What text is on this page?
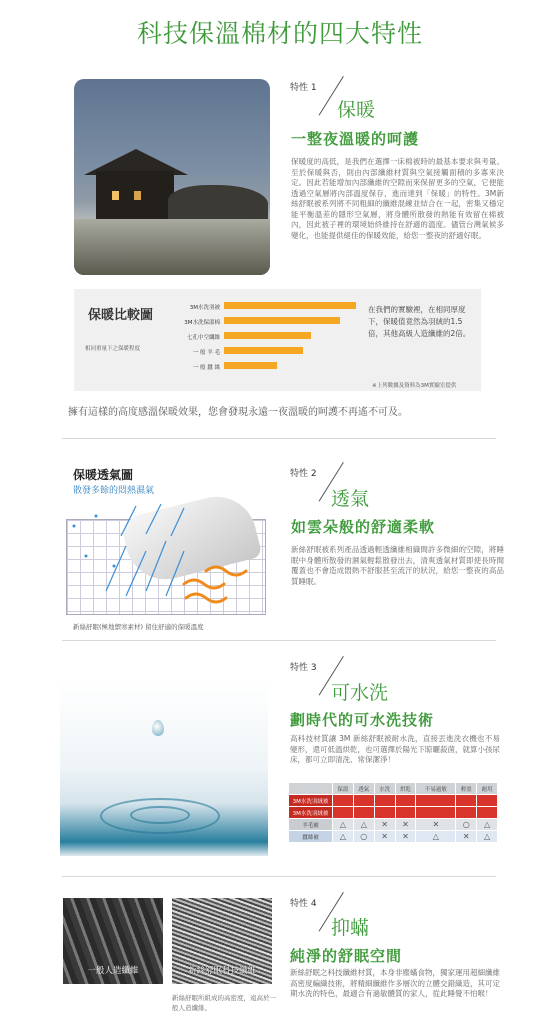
科技保溫棉材的四大特性
特性 1
保暖
一整夜溫暖的呵護
保暖度的高低，是我們在選擇一床棉被時的最基本要求與考量。至於保暖與否，則由內部纖維材質與空氣接觸面積的多寡來決定。因此若能增加內部纖維的空隙而來保留更多的空氣，它便能透過空氣層將內部溫度保存，進而達到「保暖」的特性。3M新絲舒眠被系列將不同粗細的纖維混練並結合在一起，密集又穩定能平衡溫差的隱形空氣層，將身體所散發的熱能有效留在棉被內，因此被子裡的環境始終維持在舒適的溫度。儘管台灣氣候多變化，也能提供絕佳的保暖效能，給您一整夜的舒適好眠。
保暖比較圖
相同重量下之保暖程度
3M水洗羽被
3M水洗保溫棉
七孔中空纖維
一 般 羊 毛
一 般 蠶 絲
在我們的實驗裡，在相同厚度下，保暖值竟然為羽絨的1.5倍，其他高級人造纖維的2倍。
※上列數據及資料為3M實驗室提供
擁有這樣的高度感溫保暖效果，您會發現永遠一夜溫暖的呵護不再遙不可及。
保暖透氣圖
散發多餘的悶熱濕氣
新絲舒眠(極地禦寒素材) 留住舒適的保暖溫度
特性 2
透氣
如雲朵般的舒適柔軟
新絲舒眠被系列產品透過輕透纖維相織間許多微細的空隙，將睡眠中身體所散發的濕氣輕鬆散發出去，清爽透氣材質即使長時間覆蓋也不會造成悶熱不舒服甚至流汗的狀況，給您一整夜的高品質睡眠。
特性 3
可水洗
劃時代的可水洗技術
高科技材質讓 3M 新絲舒眠被耐水洗，直接丟進洗衣機也不易變形，還可低溫烘乾，也可選擇於陽光下晾曬殺菌，就算小孩尿床，都可立即清洗、常保潔淨！
	保溫	透氣	水洗	烘乾	不易過敏	輕盈	耐用
3M水洗羽絨被							
3M水洗羽絨被							
羊毛被	△	△	✕	✕	✕	○	△
蠶絲被	△	○	✕	✕	△	✕	△
一般人造纖維	新絲舒眠科技纖維
新絲舒眠所組成的高密度，遠高於一般人造纖維。
特性 4
抑蟎
純淨的舒眠空間
新絲舒眠之科技纖維材質，本身非塵蟎食物，獨家運用超細纖維高密度編織技術，將精細纖維作多層次的立體交錯織造，其可定期水洗的特色，最適合有過敏體質的家人，從此睡覺不怕喉！
